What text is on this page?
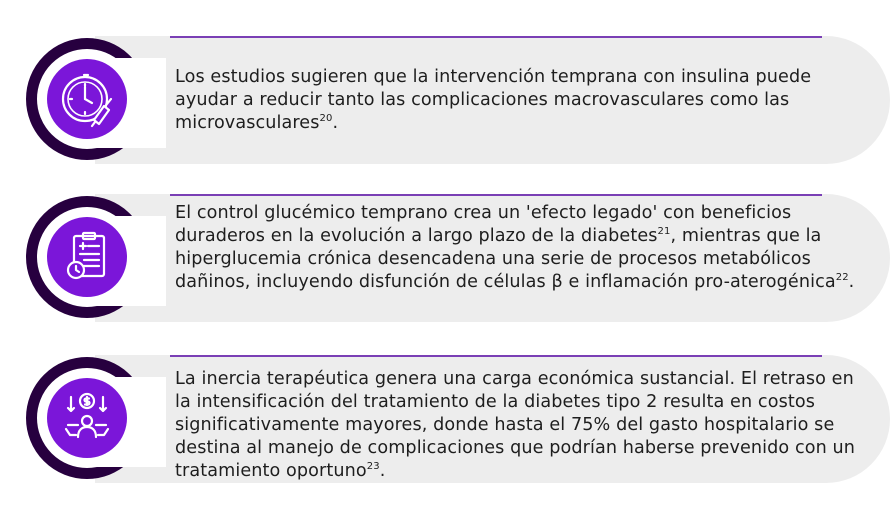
Los estudios sugieren que la intervención temprana con insulina puede ayudar a reducir tanto las complicaciones macrovasculares como las microvasculares$^{20}$.
El control glucémico temprano crea un 'efecto legado' con beneficios duraderos en la evolución a largo plazo de la diabetes$^{21}$, mientras que la hiperglucemia crónica desencadena una serie de procesos metabólicos dañinos, incluyendo disfunción de células β e inflamación pro-aterogénica$^{22}$.
La inercia terapéutica genera una carga económica sustancial. El retraso en la intensificación del tratamiento de la diabetes tipo 2 resulta en costos significativamente mayores, donde hasta el 75% del gasto hospitalario se destina al manejo de complicaciones que podrían haberse prevenido con un tratamiento oportuno$^{23}$.
